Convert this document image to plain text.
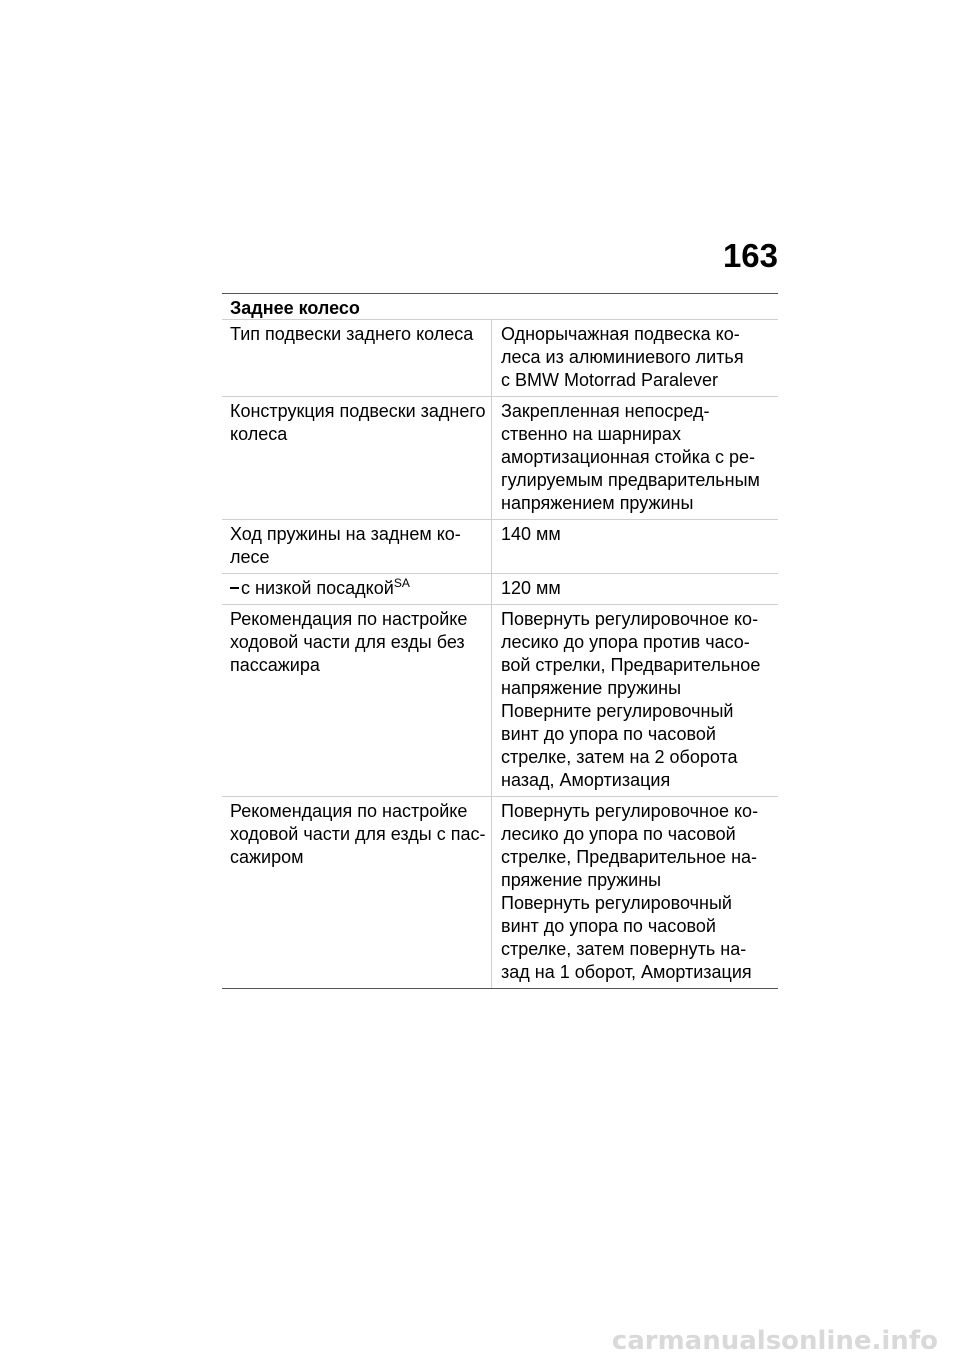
163
Заднее колесо
Тип подвески заднего колеса	Однорычажная подвеска ко-
леса из алюминиевого литья
с BMW Motorrad Paralever
Конструкция подвески заднего
колеса
Закрепленная непосред-
ственно на шарнирах
амортизационная стойка с ре-
гулируемым предварительным
напряжением пружины
Ход пружины на заднем ко-
лесе
140 мм
с низкой посадкой$^{SA}$	120 мм
Рекомендация по настройке
ходовой части для езды без
пассажира
Повернуть регулировочное ко-
лесико до упора против часо-
вой стрелки, Предварительное
напряжение пружины
Поверните регулировочный
винт до упора по часовой
стрелке, затем на 2 оборота
назад, Амортизация
Рекомендация по настройке
ходовой части для езды с пас-
сажиром
Повернуть регулировочное ко-
лесико до упора по часовой
стрелке, Предварительное на-
пряжение пружины
Повернуть регулировочный
винт до упора по часовой
стрелке, затем повернуть на-
зад на 1 оборот, Амортизация
carmanualsonline.info
